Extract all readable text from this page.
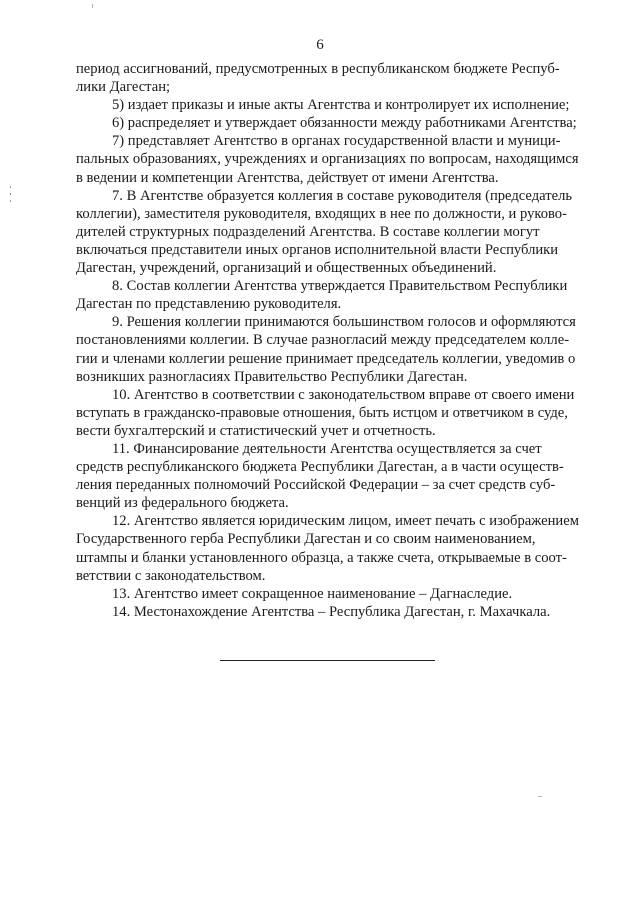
6

период ассигнований, предусмотренных в республиканском бюджете Респуб-
лики Дагестан;

5) издает приказы и иные акты Агентства и контролирует их исполнение;

6) распределяет и утверждает обязанности между работниками Агентства;

7) представляет Агентство в органах государственной власти и муници-
пальных образованиях, учреждениях и организациях по вопросам, находящимся
в ведении и компетенции Агентства, действует от имени Агентства.

7. В Агентстве образуется коллегия в составе руководителя (председатель
коллегии), заместителя руководителя, входящих в нее по должности, и руково-
дителей структурных подразделений Агентства. В составе коллегии могут
включаться представители иных органов исполнительной власти Республики
Дагестан, учреждений, организаций и общественных объединений.

8. Состав коллегии Агентства утверждается Правительством Республики
Дагестан по представлению руководителя.

9. Решения коллегии принимаются большинством голосов и оформляются
постановлениями коллегии. В случае разногласий между председателем колле-
гии и членами коллегии решение принимает председатель коллегии, уведомив о
возникших разногласиях Правительство Республики Дагестан.

10. Агентство в соответствии с законодательством вправе от своего имени
вступать в гражданско-правовые отношения, быть истцом и ответчиком в суде,
вести бухгалтерский и статистический учет и отчетность.

11. Финансирование деятельности Агентства осуществляется за счет
средств республиканского бюджета Республики Дагестан, а в части осуществ-
ления переданных полномочий Российской Федерации – за счет средств суб-
венций из федерального бюджета.

12. Агентство является юридическим лицом, имеет печать с изображением
Государственного герба Республики Дагестан и со своим наименованием,
штампы и бланки установленного образца, а также счета, открываемые в соот-
ветствии с законодательством.

13. Агентство имеет сокращенное наименование – Дагнаследие.

14. Местонахождение Агентства – Республика Дагестан, г. Махачкала.
